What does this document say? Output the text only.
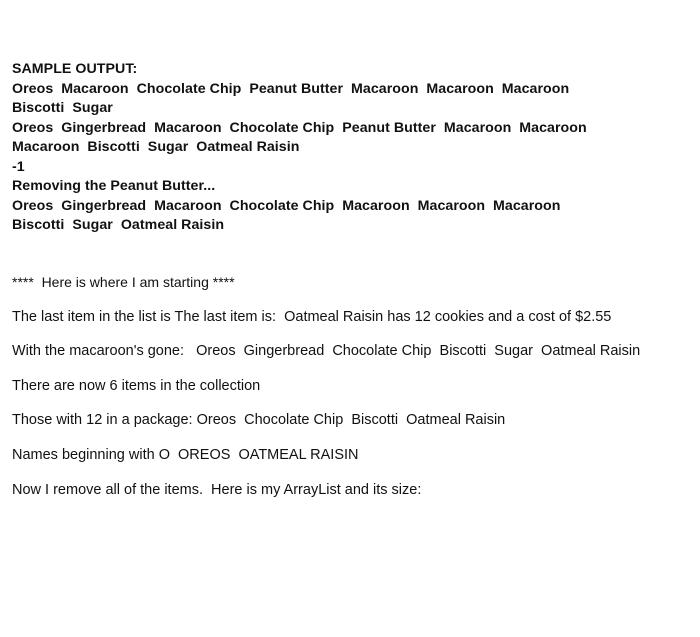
SAMPLE OUTPUT:
Oreos  Macaroon  Chocolate Chip  Peanut Butter  Macaroon  Macaroon  Macaroon
Biscotti  Sugar
Oreos  Gingerbread  Macaroon  Chocolate Chip  Peanut Butter  Macaroon  Macaroon
Macaroon  Biscotti  Sugar  Oatmeal Raisin
-1
Removing the Peanut Butter...
Oreos  Gingerbread  Macaroon  Chocolate Chip  Macaroon  Macaroon  Macaroon
Biscotti  Sugar  Oatmeal Raisin
****  Here is where I am starting ****
The last item in the list is The last item is:  Oatmeal Raisin has 12 cookies and a cost of $2.55
With the macaroon's gone:   Oreos  Gingerbread  Chocolate Chip  Biscotti  Sugar  Oatmeal Raisin
There are now 6 items in the collection
Those with 12 in a package: Oreos  Chocolate Chip  Biscotti  Oatmeal Raisin
Names beginning with O  OREOS  OATMEAL RAISIN
Now I remove all of the items.  Here is my ArrayList and its size:
